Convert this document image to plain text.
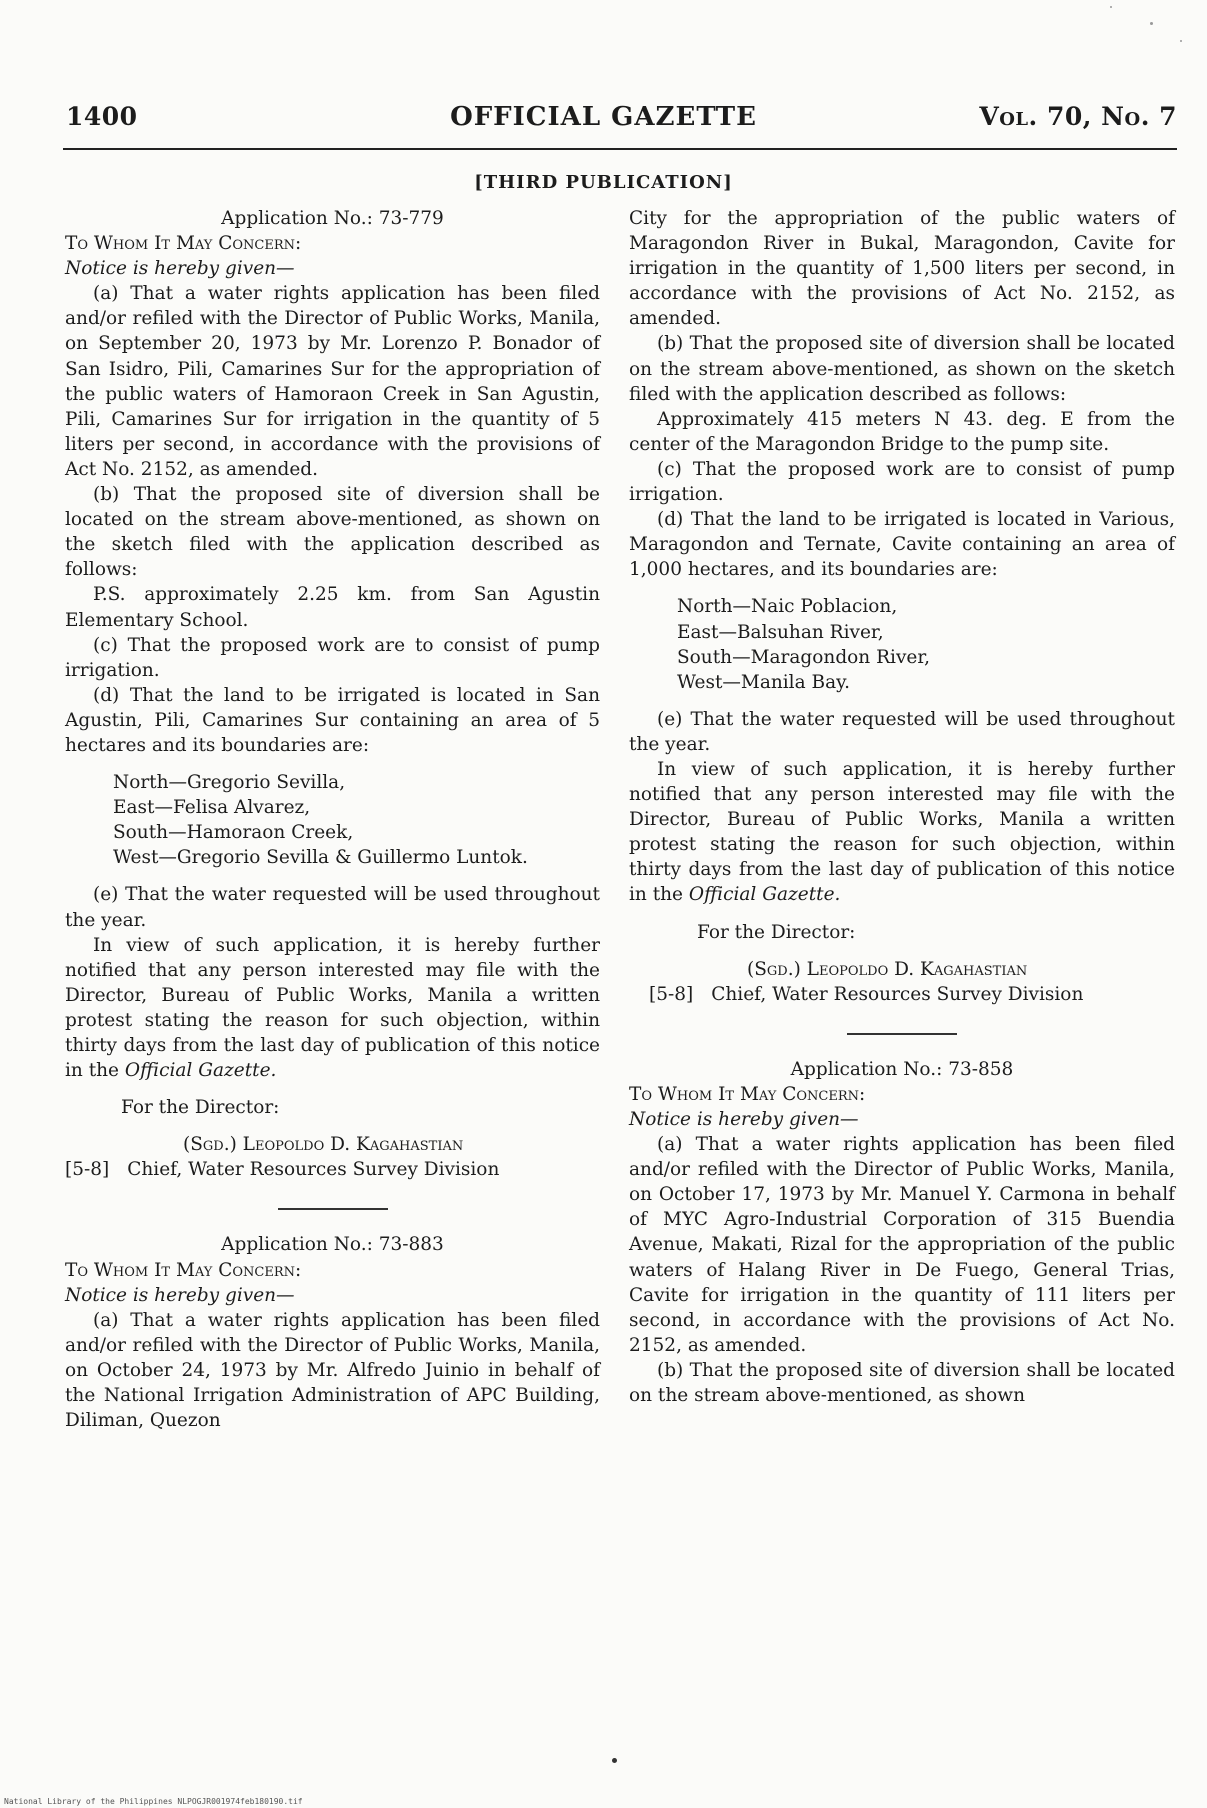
1400	OFFICIAL GAZETTE	Vol. 70, No. 7
[THIRD PUBLICATION]

Application No.: 73-779

To Whom It May Concern:

Notice is hereby given—

(a) That a water rights application has been filed and/or refiled with the Director of Public Works, Manila, on September 20, 1973 by Mr. Lorenzo P. Bonador of San Isidro, Pili, Camarines Sur for the appropriation of the public waters of Hamoraon Creek in San Agustin, Pili, Camarines Sur for irrigation in the quantity of 5 liters per second, in accordance with the provisions of Act No. 2152, as amended.

(b) That the proposed site of diversion shall be located on the stream above-mentioned, as shown on the sketch filed with the application described as follows:

P.S. approximately 2.25 km. from San Agustin Elementary School.

(c) That the proposed work are to consist of pump irrigation.

(d) That the land to be irrigated is located in San Agustin, Pili, Camarines Sur containing an area of 5 hectares and its boundaries are:

North—Gregorio Sevilla,

East—Felisa Alvarez,

South—Hamoraon Creek,

West—Gregorio Sevilla & Guillermo Luntok.

(e) That the water requested will be used throughout the year.

In view of such application, it is hereby further notified that any person interested may file with the Director, Bureau of Public Works, Manila a written protest stating the reason for such objection, within thirty days from the last day of publication of this notice in the Official Gazette.

For the Director:

(Sgd.) Leopoldo D. Kagahastian

[5-8] Chief, Water Resources Survey Division

Application No.: 73-883

To Whom It May Concern:

Notice is hereby given—

(a) That a water rights application has been filed and/or refiled with the Director of Public Works, Manila, on October 24, 1973 by Mr. Alfredo Juinio in behalf of the National Irrigation Administration of APC Building, Diliman, Quezon

City for the appropriation of the public waters of Maragondon River in Bukal, Maragondon, Cavite for irrigation in the quantity of 1,500 liters per second, in accordance with the provisions of Act No. 2152, as amended.

(b) That the proposed site of diversion shall be located on the stream above-mentioned, as shown on the sketch filed with the application described as follows:

Approximately 415 meters N 43. deg. E from the center of the Maragondon Bridge to the pump site.

(c) That the proposed work are to consist of pump irrigation.

(d) That the land to be irrigated is located in Various, Maragondon and Ternate, Cavite containing an area of 1,000 hectares, and its boundaries are:

North—Naic Poblacion,

East—Balsuhan River,

South—Maragondon River,

West—Manila Bay.

(e) That the water requested will be used throughout the year.

In view of such application, it is hereby further notified that any person interested may file with the Director, Bureau of Public Works, Manila a written protest stating the reason for such objection, within thirty days from the last day of publication of this notice in the Official Gazette.

For the Director:

(Sgd.) Leopoldo D. Kagahastian

[5-8] Chief, Water Resources Survey Division

Application No.: 73-858

To Whom It May Concern:

Notice is hereby given—

(a) That a water rights application has been filed and/or refiled with the Director of Public Works, Manila, on October 17, 1973 by Mr. Manuel Y. Carmona in behalf of MYC Agro-Industrial Corporation of 315 Buendia Avenue, Makati, Rizal for the appropriation of the public waters of Halang River in De Fuego, General Trias, Cavite for irrigation in the quantity of 111 liters per second, in accordance with the provisions of Act No. 2152, as amended.

(b) That the proposed site of diversion shall be located on the stream above-mentioned, as shown

National Library of the Philippines NLPOGJR001974feb180190.tif
